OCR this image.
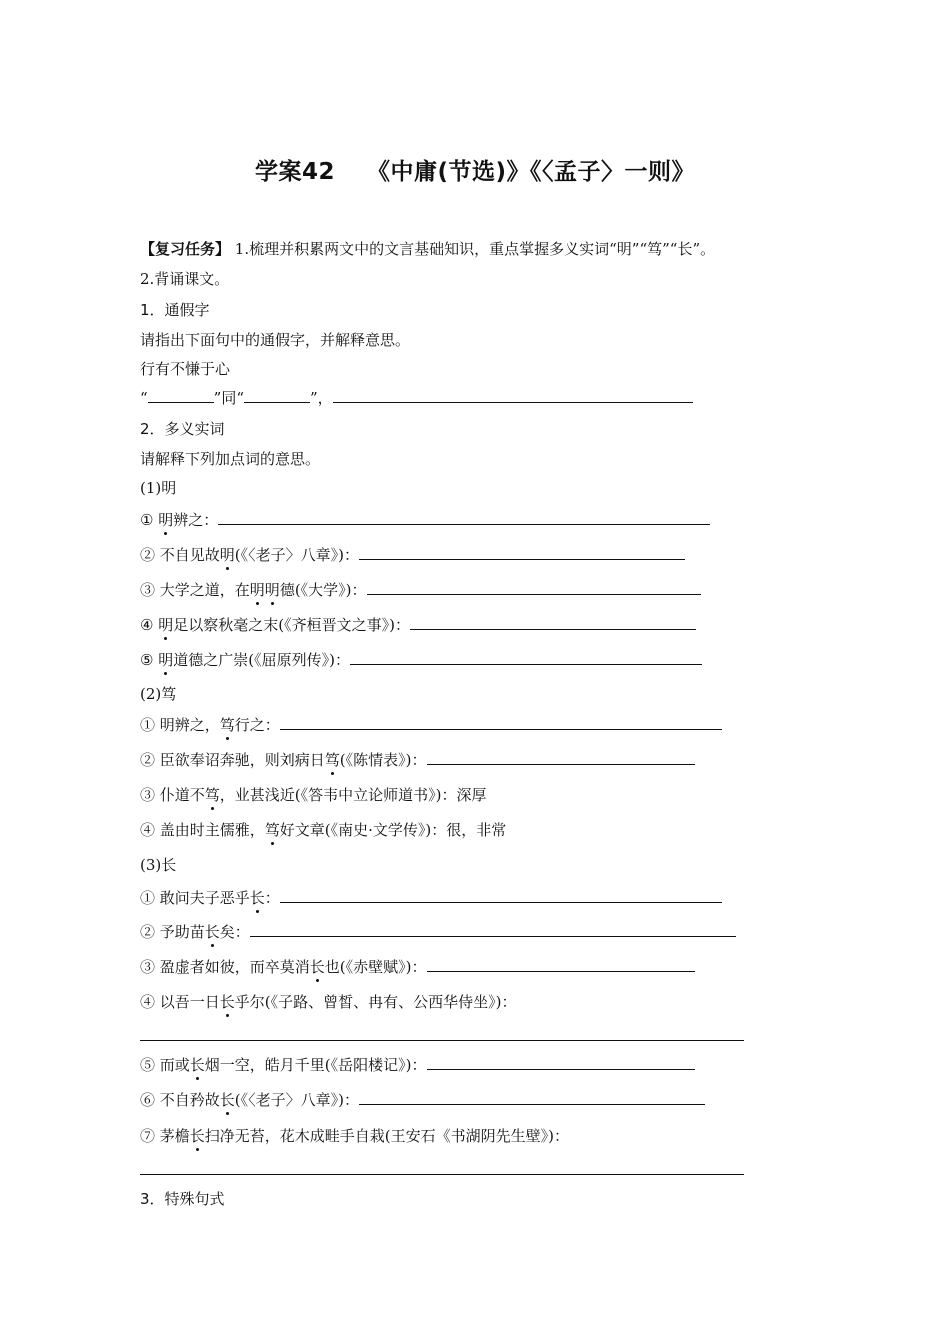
学案42 《中庸(节选)》《〈孟子〉一则》
【复习任务】 1.梳理并积累两文中的文言基础知识，重点掌握多义实词“明”“笃”“长”。
2.背诵课文。
1．通假字
请指出下面句中的通假字，并解释意思。
行有不慊于心
“	”同“	”，
2．多义实词
请解释下列加点词的意思。
(1)明
① 明辨之：
② 不自见故明(《〈老子〉八章》)：
③ 大学之道，在明明德(《大学》)：
④ 明足以察秋毫之末(《齐桓晋文之事》)：
⑤ 明道德之广崇(《屈原列传》)：
(2)笃
① 明辨之，笃行之：
② 臣欲奉诏奔驰，则刘病日笃(《陈情表》)：
③ 仆道不笃，业甚浅近(《答韦中立论师道书》)：深厚
④ 盖由时主儒雅，笃好文章(《南史·文学传》)：很，非常
(3)长
① 敢问夫子恶乎长：
② 予助苗长矣：
③ 盈虚者如彼，而卒莫消长也(《赤壁赋》)：
④ 以吾一日长乎尔(《子路、曾皙、冉有、公西华侍坐》)：
⑤ 而或长烟一空，皓月千里(《岳阳楼记》)：
⑥ 不自矜故长(《〈老子〉八章》)：
⑦ 茅檐长扫净无苔，花木成畦手自栽(王安石《书湖阴先生壁》)：
3．特殊句式
